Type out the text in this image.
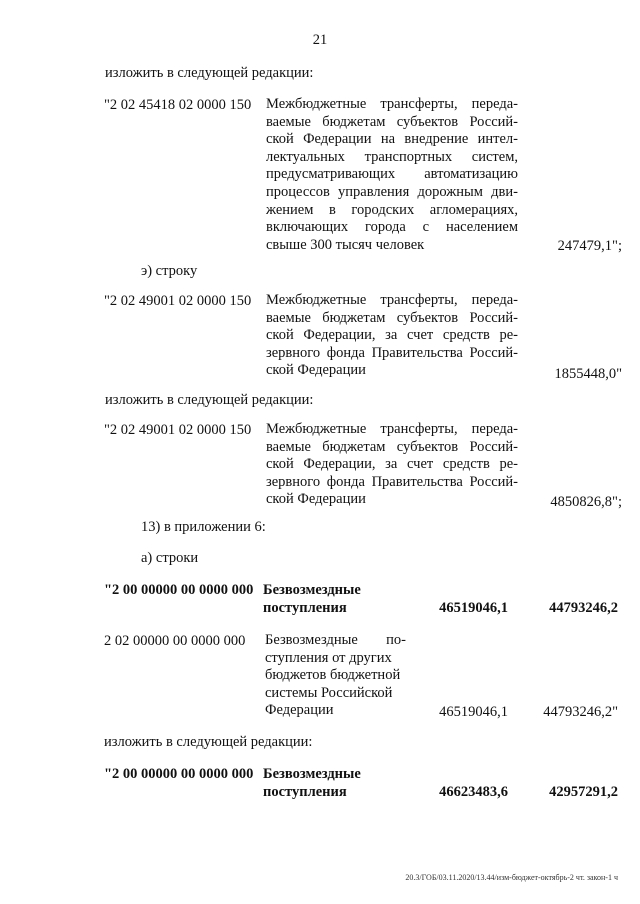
21
изложить в следующей редакции:
"2 02 45418 02 0000 150 Межбюджетные трансферты, переда-
ваемые бюджетам субъектов Россий-
ской Федерации на внедрение интел-
лектуальных транспортных систем,
предусматривающих автоматизацию
процессов управления дорожным дви-
жением в городских агломерациях,
включающих города с населением
свыше 300 тысяч человек	247479,1";
э) строку
"2 02 49001 02 0000 150 Межбюджетные трансферты, переда-
ваемые бюджетам субъектов Россий-
ской Федерации, за счет средств ре-
зервного фонда Правительства Россий-
ской Федерации	1855448,0"
изложить в следующей редакции:
"2 02 49001 02 0000 150 Межбюджетные трансферты, переда-
ваемые бюджетам субъектов Россий-
ской Федерации, за счет средств ре-
зервного фонда Правительства Россий-
ской Федерации	4850826,8";
13) в приложении 6:
а) строки
"2 00 00000 00 0000 000 Безвозмездные
поступления	46519046,1	44793246,2
2 02 00000 00 0000 000 Безвозмездные по-
ступления от других
бюджетов бюджетной
системы Российской
Федерации	46519046,1 44793246,2"
изложить в следующей редакции:
"2 00 00000 00 0000 000 Безвозмездные
поступления	46623483,6	42957291,2
20.3/ГОБ/03.11.2020/13.44/изм-бюджет-октябрь-2 чт. закон-1 ч
